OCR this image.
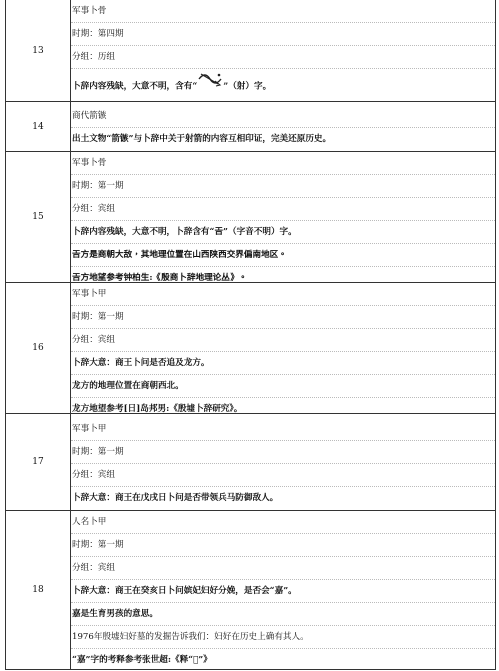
13
军事卜骨
时期：第四期
分组：历组
卜辞内容残缺，大意不明，含有“	”（射）字。
14
商代箭镞
出土文物“箭镞”与卜辞中关于射箭的内容互相印证，完美还原历史。
15
军事卜骨
时期：第一期
分组：宾组
卜辞内容残缺，大意不明，卜辞含有“𢀛”（字音不明）字。
𢀛方是商朝大敌，其地理位置在山西陕西交界偏南地区。
𢀛方地望参考钟柏生:《殷商卜辞地理论丛》。
16
军事卜甲
时期：第一期
分组：宾组
卜辞大意：商王卜问是否追及龙方。
龙方的地理位置在商朝西北。
龙方地望参考[日]岛邦男:《殷墟卜辞研究》。
17
军事卜甲
时期：第一期
分组：宾组
卜辞大意：商王在戊戌日卜问是否带领兵马防御敌人。
18
人名卜甲
时期：第一期
分组：宾组
卜辞大意：商王在癸亥日卜问嫔妃妇好分娩，是否会“嘉”。
嘉是生育男孩的意思。
1976年殷墟妇好墓的发掘告诉我们：妇好在历史上确有其人。
“嘉”字的考释参考张世超:《释“𠏿”》
